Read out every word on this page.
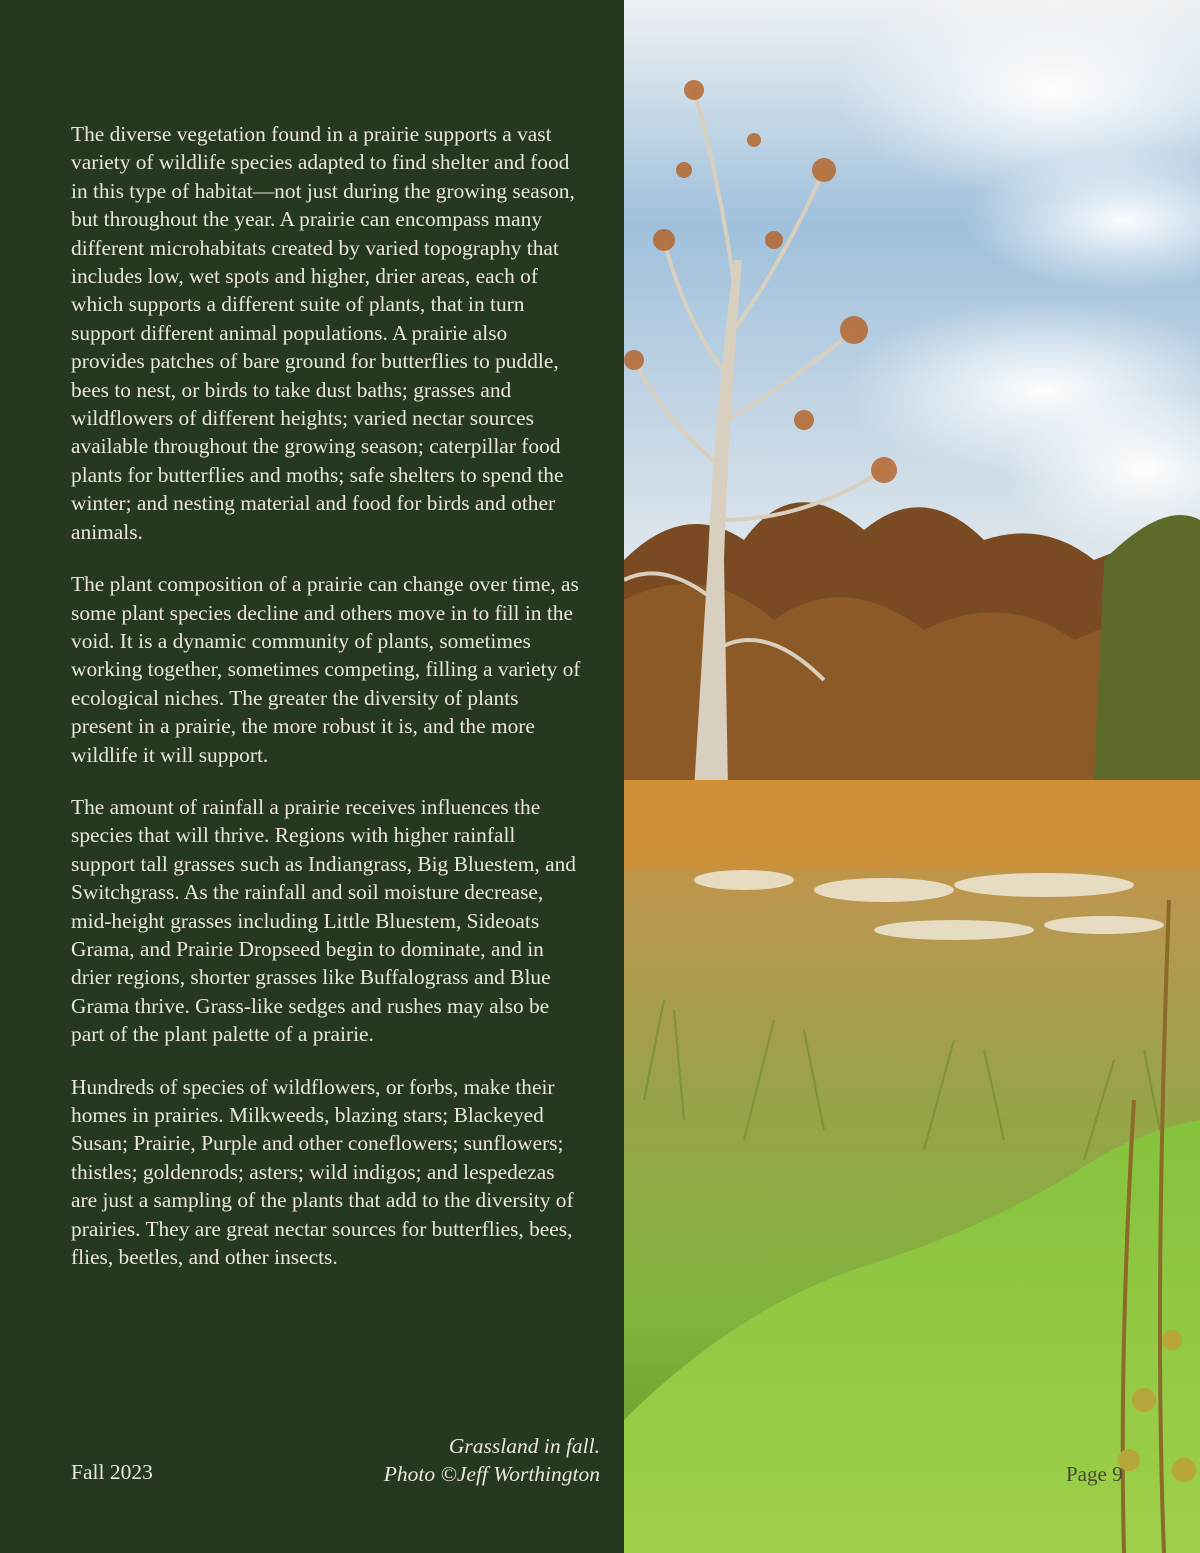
The diverse vegetation found in a prairie supports a vast variety of wildlife species adapted to find shelter and food in this type of habitat—not just during the growing season, but throughout the year. A prairie can encompass many different microhabitats created by varied topography that includes low, wet spots and higher, drier areas, each of which supports a different suite of plants, that in turn support different animal populations. A prairie also provides patches of bare ground for butterflies to puddle, bees to nest, or birds to take dust baths; grasses and wildflowers of different heights; varied nectar sources available throughout the growing season; caterpillar food plants for butterflies and moths; safe shelters to spend the winter; and nesting material and food for birds and other animals.

The plant composition of a prairie can change over time, as some plant species decline and others move in to fill in the void. It is a dynamic community of plants, sometimes working together, sometimes competing, filling a variety of ecological niches. The greater the diversity of plants present in a prairie, the more robust it is, and the more wildlife it will support.

The amount of rainfall a prairie receives influences the species that will thrive. Regions with higher rainfall support tall grasses such as Indiangrass, Big Bluestem, and Switchgrass. As the rainfall and soil moisture decrease, mid-height grasses including Little Bluestem, Sideoats Grama, and Prairie Dropseed begin to dominate, and in drier regions, shorter grasses like Buffalograss and Blue Grama thrive. Grass-like sedges and rushes may also be part of the plant palette of a prairie.

Hundreds of species of wildflowers, or forbs, make their homes in prairies. Milkweeds, blazing stars; Blackeyed Susan; Prairie, Purple and other coneflowers; sunflowers; thistles; goldenrods; asters; wild indigos; and lespedezas are just a sampling of the plants that add to the diversity of prairies. They are great nectar sources for butterflies, bees, flies, beetles, and other insects.

Grassland in fall.
Photo ©Jeff Worthington
Fall 2023	Page 9
